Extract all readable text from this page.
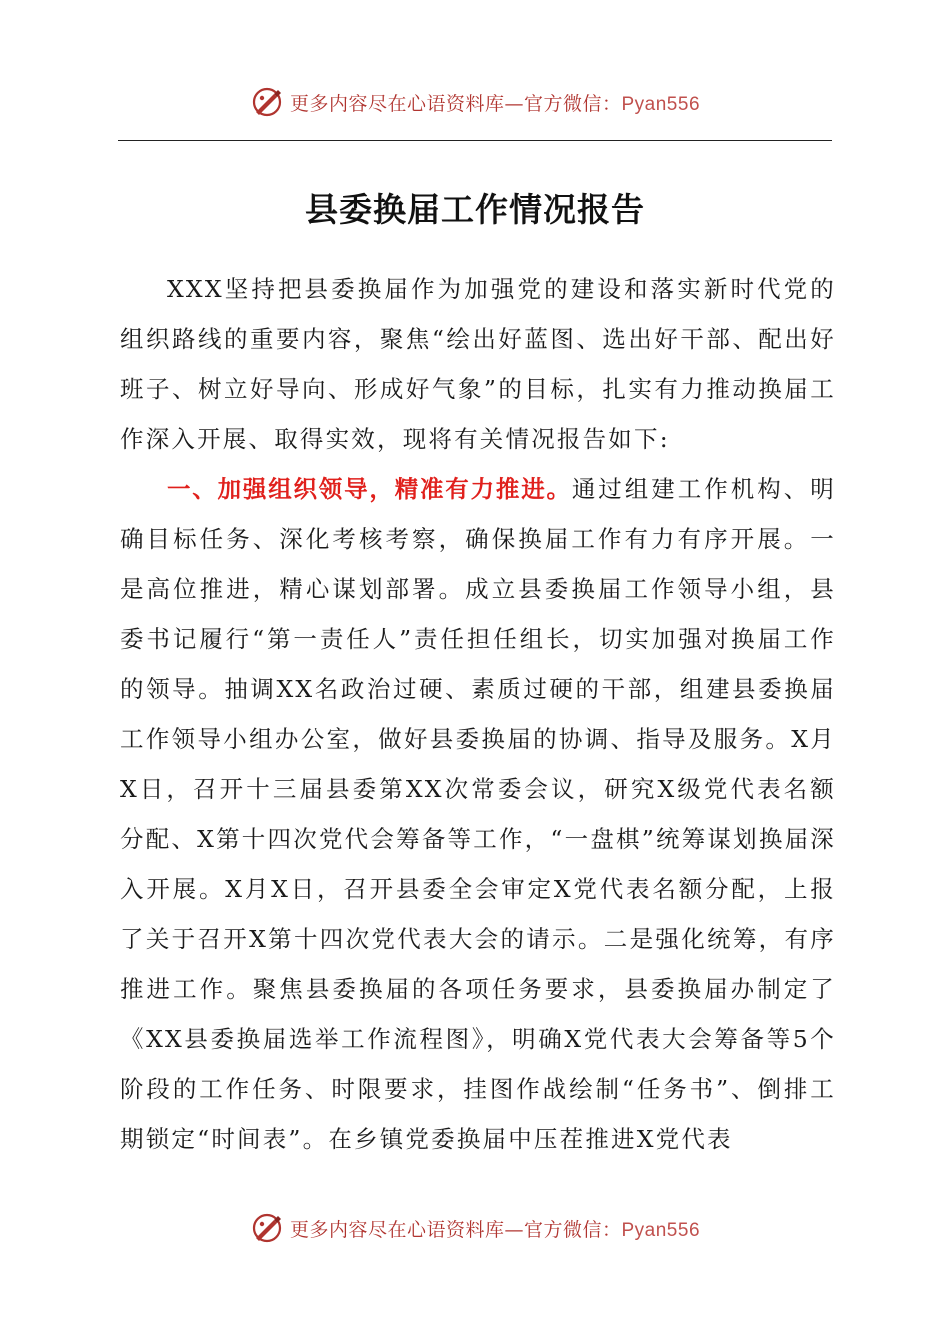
更多内容尽在心语资料库—官方微信：Pyan556
县委换届工作情况报告

XXX坚持把县委换届作为加强党的建设和落实新时代党的组织路线的重要内容，聚焦“绘出好蓝图、选出好干部、配出好班子、树立好导向、形成好气象”的目标，扎实有力推动换届工作深入开展、取得实效，现将有关情况报告如下:

一、加强组织领导，精准有力推进。通过组建工作机构、明确目标任务、深化考核考察，确保换届工作有力有序开展。一是高位推进，精心谋划部署。成立县委换届工作领导小组，县委书记履行“第一责任人”责任担任组长，切实加强对换届工作的领导。抽调XX名政治过硬、素质过硬的干部，组建县委换届工作领导小组办公室，做好县委换届的协调、指导及服务。X月X日，召开十三届县委第XX次常委会议，研究X级党代表名额分配、X第十四次党代会筹备等工作，“一盘棋”统筹谋划换届深入开展。X月X日，召开县委全会审定X党代表名额分配，上报了关于召开X第十四次党代表大会的请示。二是强化统筹，有序推进工作。聚焦县委换届的各项任务要求，县委换届办制定了《XX县委换届选举工作流程图》，明确X党代表大会筹备等5个阶段的工作任务、时限要求，挂图作战绘制“任务书”、倒排工期锁定“时间表”。在乡镇党委换届中压茬推进X党代表

更多内容尽在心语资料库—官方微信：Pyan556
